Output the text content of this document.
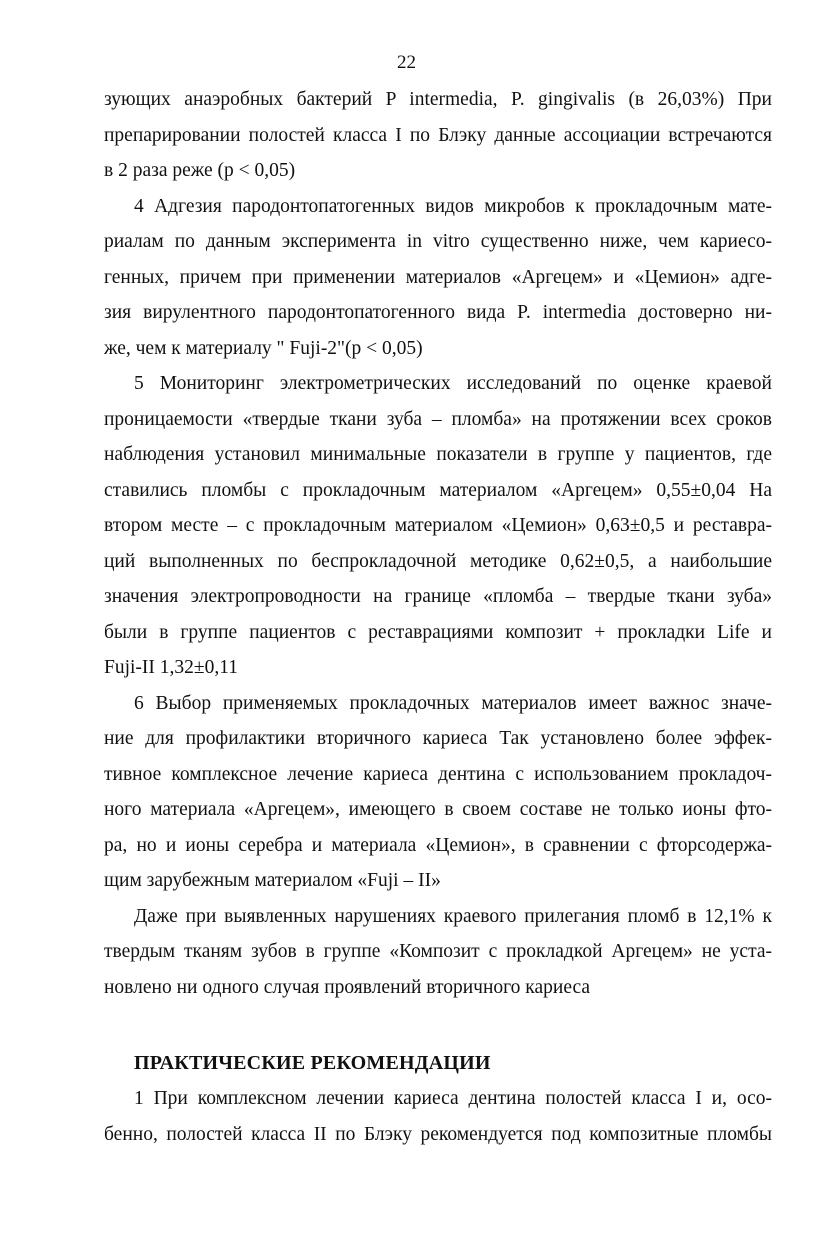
22

зующих анаэробных бактерий P intermedia, P. gingivalis (в 26,03%) При
препарировании полостей класса I по Блэку данные ассоциации встречаются
в 2 раза реже (р < 0,05)

4 Адгезия пародонтопатогенных видов микробов к прокладочным мате-
риалам по данным эксперимента in vitro существенно ниже, чем кариесо-
генных, причем при применении материалов «Аргецем» и «Цемион» адге-
зия вирулентного пародонтопатогенного вида P. intermedia достоверно ни-
же, чем к материалу " Fuji-2"(р < 0,05)

5 Мониторинг электрометрических исследований по оценке краевой
проницаемости «твердые ткани зуба – пломба» на протяжении всех сроков
наблюдения установил минимальные показатели в группе у пациентов, где
ставились пломбы с прокладочным материалом «Аргецем» 0,55±0,04 На
втором месте – с прокладочным материалом «Цемион» 0,63±0,5 и реставра-
ций выполненных по беспрокладочной методике 0,62±0,5, а наибольшие
значения электропроводности на границе «пломба – твердые ткани зуба»
были в группе пациентов с реставрациями композит + прокладки Life и
Fuji-II 1,32±0,11

6 Выбор применяемых прокладочных материалов имеет важнос значе-
ние для профилактики вторичного кариеса Так установлено более эффек-
тивное комплексное лечение кариеса дентина с использованием прокладоч-
ного материала «Аргецем», имеющего в своем составе не только ионы фто-
ра, но и ионы серебра и материала «Цемион», в сравнении с фторсодержа-
щим зарубежным материалом «Fuji – II»

Даже при выявленных нарушениях краевого прилегания пломб в 12,1% к
твердым тканям зубов в группе «Композит с прокладкой Аргецем» не уста-
новлено ни одного случая проявлений вторичного кариеса

ПРАКТИЧЕСКИЕ РЕКОМЕНДАЦИИ

1 При комплексном лечении кариеса дентина полостей класса I и, осо-
бенно, полостей класса II по Блэку рекомендуется под композитные пломбы
